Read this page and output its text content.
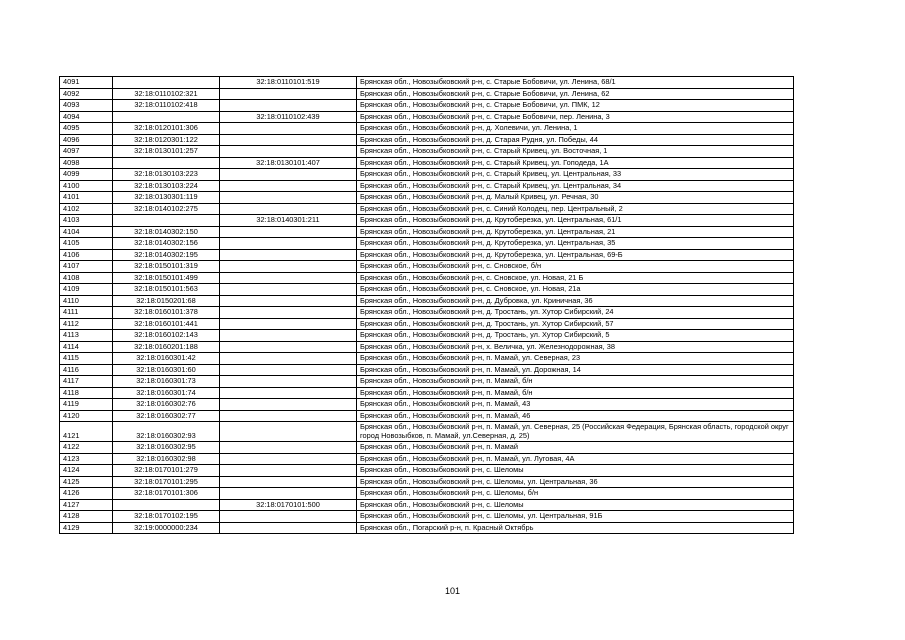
4091		32:18:0110101:519	Брянская обл., Новозыбковский р-н, с. Старые Бобовичи, ул. Ленина, 68/1
4092	32:18:0110102:321		Брянская обл., Новозыбковский р-н, с. Старые Бобовичи, ул. Ленина, 62
4093	32:18:0110102:418		Брянская обл., Новозыбковский р-н, с. Старые Бобовичи, ул. ПМК, 12
4094		32:18:0110102:439	Брянская обл., Новозыбковский р-н, с. Старые Бобовичи, пер. Ленина, 3
4095	32:18:0120101:306		Брянская обл., Новозыбковский р-н, д. Холевичи, ул. Ленина, 1
4096	32:18:0120301:122		Брянская обл., Новозыбковский р-н, д. Старая Рудня, ул. Победы, 44
4097	32:18:0130101:257		Брянская обл., Новозыбковский р-н, с. Старый Кривец, ул. Восточная, 1
4098		32:18:0130101:407	Брянская обл., Новозыбковский р-н, с. Старый Кривец, ул. Гоподеда, 1А
4099	32:18:0130103:223		Брянская обл., Новозыбковский р-н, с. Старый Кривец, ул. Центральная, 33
4100	32:18:0130103:224		Брянская обл., Новозыбковский р-н, с. Старый Кривец, ул. Центральная, 34
4101	32:18:0130301:119		Брянская обл., Новозыбковский р-н, д. Малый Кривец, ул. Речная, 30
4102	32:18:0140102:275		Брянская обл., Новозыбковский р-н, с. Синий Колодец, пер. Центральный, 2
4103		32:18:0140301:211	Брянская обл., Новозыбковский р-н, д. Крутоберезка, ул. Центральная, 61/1
4104	32:18:0140302:150		Брянская обл., Новозыбковский р-н, д. Крутоберезка, ул. Центральная, 21
4105	32:18:0140302:156		Брянская обл., Новозыбковский р-н, д. Крутоберезка, ул. Центральная, 35
4106	32:18:0140302:195		Брянская обл., Новозыбковский р-н, д. Крутоберезка, ул. Центральная, 69-Б
4107	32:18:0150101:319		Брянская обл., Новозыбковский р-н, с. Сновское, б/н
4108	32:18:0150101:499		Брянская обл., Новозыбковский р-н, с. Сновское, ул. Новая, 21 Б
4109	32:18:0150101:563		Брянская обл., Новозыбковский р-н, с. Сновское, ул. Новая, 21а
4110	32:18:0150201:68		Брянская обл., Новозыбковский р-н, д. Дубровка, ул. Криничная, 36
4111	32:18:0160101:378		Брянская обл., Новозыбковский р-н, д. Тростань, ул. Хутор Сибирский, 24
4112	32:18:0160101:441		Брянская обл., Новозыбковский р-н, д. Тростань, ул. Хутор Сибирский, 57
4113	32:18:0160102:143		Брянская обл., Новозыбковский р-н, д. Тростань, ул. Хутор Сибирский, 5
4114	32:18:0160201:188		Брянская обл., Новозыбковский р-н, х. Величка, ул. Железнодорожная, 38
4115	32:18:0160301:42		Брянская обл., Новозыбковский р-н, п. Мамай, ул. Северная, 23
4116	32:18:0160301:60		Брянская обл., Новозыбковский р-н, п. Мамай, ул. Дорожная, 14
4117	32:18:0160301:73		Брянская обл., Новозыбковский р-н, п. Мамай, б/н
4118	32:18:0160301:74		Брянская обл., Новозыбковский р-н, п. Мамай, б/н
4119	32:18:0160302:76		Брянская обл., Новозыбковский р-н, п. Мамай, 43
4120	32:18:0160302:77		Брянская обл., Новозыбковский р-н, п. Мамай, 46
4121	32:18:0160302:93		Брянская обл., Новозыбковский р-н, п. Мамай, ул. Северная, 25 (Российская Федерация, Брянская область, городской округ город Новозыбков, п. Мамай, ул.Северная, д. 25)
4122	32:18:0160302:95		Брянская обл., Новозыбковский р-н, п. Мамай
4123	32:18:0160302:98		Брянская обл., Новозыбковский р-н, п. Мамай, ул. Луговая, 4А
4124	32:18:0170101:279		Брянская обл., Новозыбковский р-н, с. Шеломы
4125	32:18:0170101:295		Брянская обл., Новозыбковский р-н, с. Шеломы, ул. Центральная, 36
4126	32:18:0170101:306		Брянская обл., Новозыбковский р-н, с. Шеломы, б/н
4127		32:18:0170101:500	Брянская обл., Новозыбковский р-н, с. Шеломы
4128	32:18:0170102:195		Брянская обл., Новозыбковский р-н, с. Шеломы, ул. Центральная, 91Б
4129	32:19:0000000:234		Брянская обл., Погарский р-н, п. Красный Октябрь
101
